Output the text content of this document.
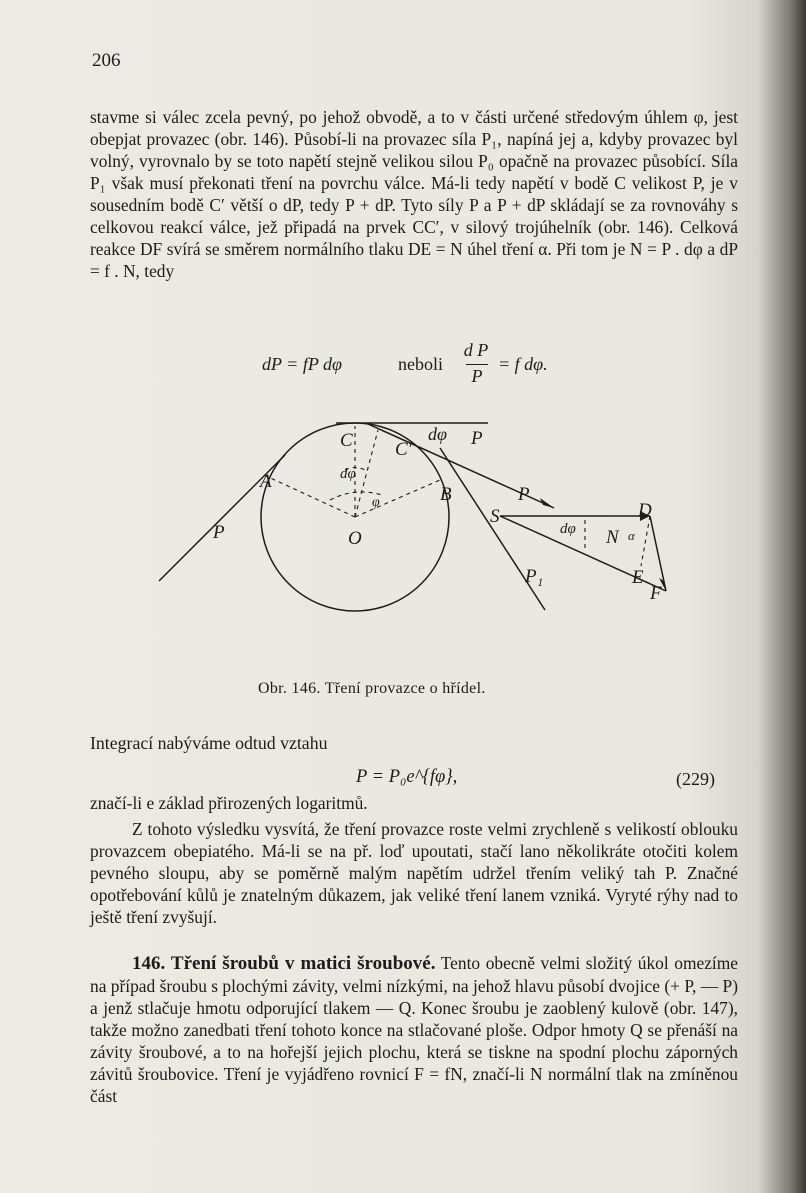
206

stavme si válec zcela pevný, po jehož obvodě, a to v části určené středovým úhlem φ, jest obepjat provazec (obr. 146). Působí-li na provazec síla P₁, napíná jej a, kdyby provazec byl volný, vyrovnalo by se toto napětí stejně velikou silou P₀ opačně na provazec působící. Síla P₁ však musí překonati tření na povrchu válce. Má-li tedy napětí v bodě C velikost P, je v sousedním bodě C′ větší o dP, tedy P + dP. Tyto síly P a P + dP skládají se za rovnováhy s celkovou reakcí válce, jež připadá na prvek CC′, v silový trojúhelník (obr. 146). Celková reakce DF svírá se směrem normálního tlaku DE = N úhel tření α. Při tom je N = P . dφ a dP = f . N, tedy

dP = fP dφ	neboli
d P
P
= f dφ.
C C′
dφ P
A	dφ
φ	B	P
P	O
S	D
dφ N α
E
F
P₁
Obr. 146. Tření provazce o hřídel.

Integrací nabýváme odtud vztahu

P = P₀e^{fφ},	(229)

značí-li e základ přirozených logaritmů.

Z tohoto výsledku vysvítá, že tření provazce roste velmi zrychleně s velikostí oblouku provazcem obepiatého. Má-li se na př. loď upoutati, stačí lano několikráte otočiti kolem pevného sloupu, aby se poměrně malým napětím udržel třením veliký tah P. Značné opotřebování kůlů je znatelným důkazem, jak veliké tření lanem vzniká. Vyryté rýhy nad to ještě tření zvyšují.

146. Tření šroubů v matici šroubové. Tento obecně velmi složitý úkol omezíme na případ šroubu s plochými závity, velmi nízkými, na jehož hlavu působí dvojice (+ P, — P) a jenž stlačuje hmotu odporující tlakem — Q. Konec šroubu je zaoblený kulově (obr. 147), takže možno zanedbati tření tohoto konce na stlačované ploše. Odpor hmoty Q se přenáší na závity šroubové, a to na hořejší jejich plochu, která se tiskne na spodní plochu záporných závitů šroubovice. Tření je vyjádřeno rovnicí F = fN, značí-li N normální tlak na zmíněnou část
